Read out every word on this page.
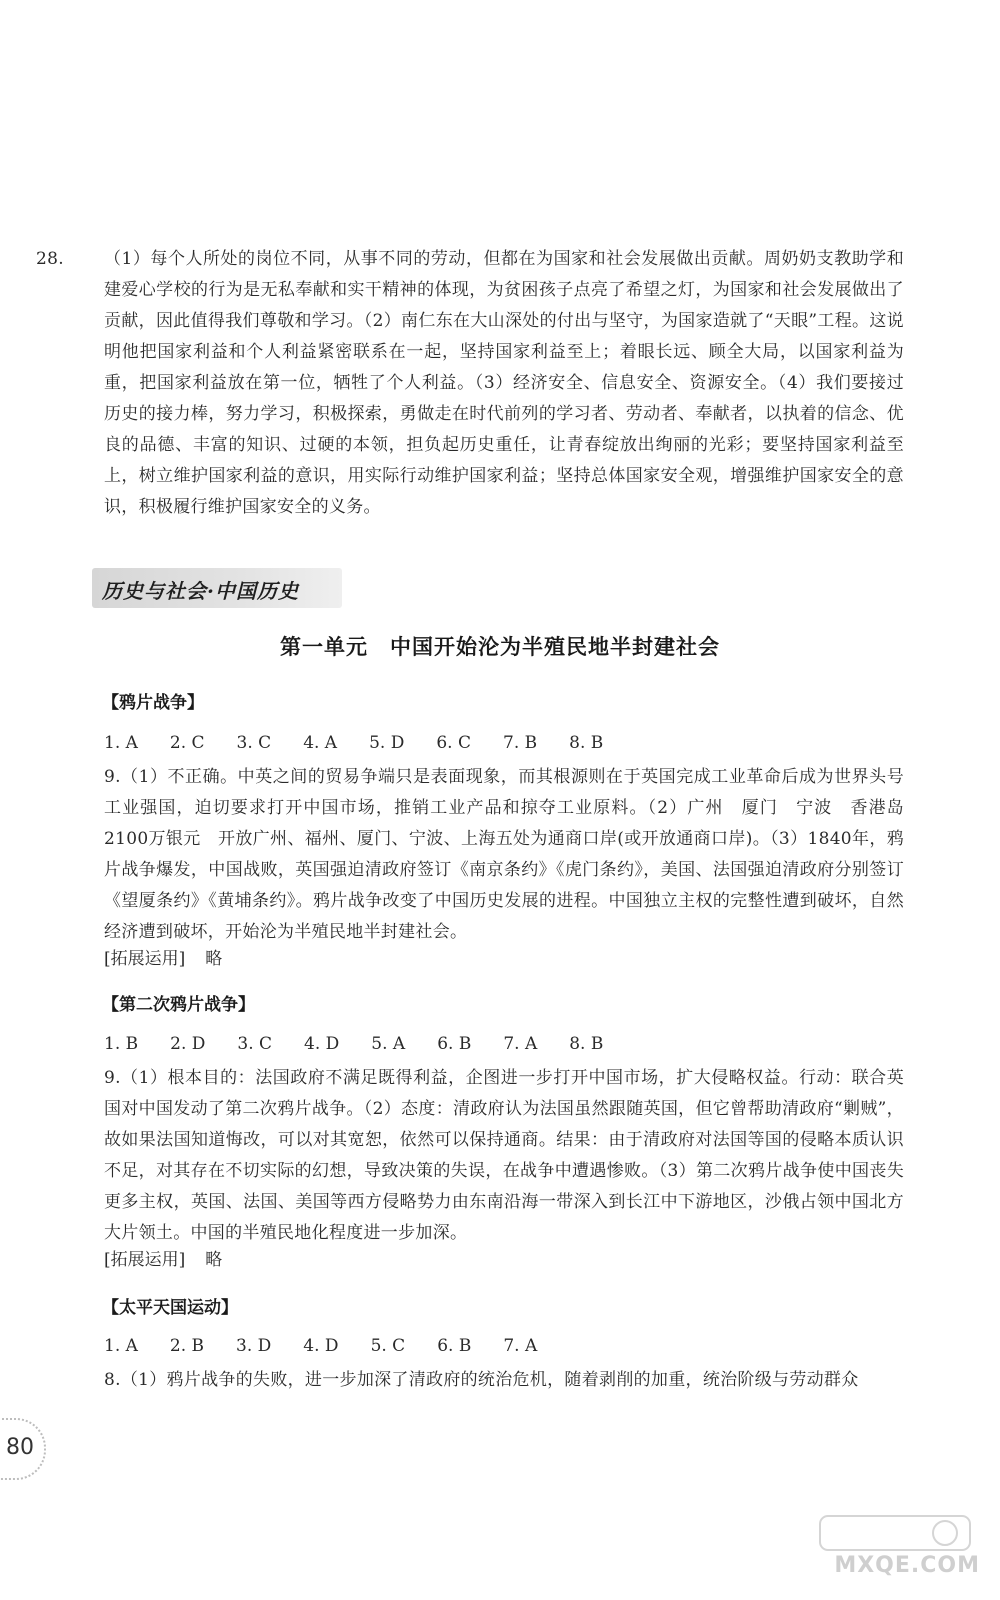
28. （1）每个人所处的岗位不同，从事不同的劳动，但都在为国家和社会发展做出贡献。周奶奶支教助学和建爱心学校的行为是无私奉献和实干精神的体现，为贫困孩子点亮了希望之灯，为国家和社会发展做出了贡献，因此值得我们尊敬和学习。（2）南仁东在大山深处的付出与坚守，为国家造就了“天眼”工程。这说明他把国家利益和个人利益紧密联系在一起，坚持国家利益至上；着眼长远、顾全大局，以国家利益为重，把国家利益放在第一位，牺牲了个人利益。（3）经济安全、信息安全、资源安全。（4）我们要接过历史的接力棒，努力学习，积极探索，勇做走在时代前列的学习者、劳动者、奉献者，以执着的信念、优良的品德、丰富的知识、过硬的本领，担负起历史重任，让青春绽放出绚丽的光彩；要坚持国家利益至上，树立维护国家利益的意识，用实际行动维护国家利益；坚持总体国家安全观，增强维护国家安全的意识，积极履行维护国家安全的义务。
历史与社会·中国历史
第一单元　中国开始沦为半殖民地半封建社会
【鸦片战争】
1. A 2. C 3. C 4. A 5. D 6. C 7. B 8. B
9.（1）不正确。中英之间的贸易争端只是表面现象，而其根源则在于英国完成工业革命后成为世界头号工业强国，迫切要求打开中国市场，推销工业产品和掠夺工业原料。（2）广州　厦门　宁波　香港岛　2100万银元　开放广州、福州、厦门、宁波、上海五处为通商口岸(或开放通商口岸)。（3）1840年，鸦片战争爆发，中国战败，英国强迫清政府签订《南京条约》《虎门条约》，美国、法国强迫清政府分别签订《望厦条约》《黄埔条约》。鸦片战争改变了中国历史发展的进程。中国独立主权的完整性遭到破坏，自然经济遭到破坏，开始沦为半殖民地半封建社会。
[拓展运用] 略
【第二次鸦片战争】
1. B 2. D 3. C 4. D 5. A 6. B 7. A 8. B
9.（1）根本目的：法国政府不满足既得利益，企图进一步打开中国市场，扩大侵略权益。行动：联合英国对中国发动了第二次鸦片战争。（2）态度：清政府认为法国虽然跟随英国，但它曾帮助清政府“剿贼”，故如果法国知道悔改，可以对其宽恕，依然可以保持通商。结果：由于清政府对法国等国的侵略本质认识不足，对其存在不切实际的幻想，导致决策的失误，在战争中遭遇惨败。（3）第二次鸦片战争使中国丧失更多主权，英国、法国、美国等西方侵略势力由东南沿海一带深入到长江中下游地区，沙俄占领中国北方大片领土。中国的半殖民地化程度进一步加深。
[拓展运用] 略
【太平天国运动】
1. A 2. B 3. D 4. D 5. C 6. B 7. A
8.（1）鸦片战争的失败，进一步加深了清政府的统治危机，随着剥削的加重，统治阶级与劳动群众
80
MXQE.COM
